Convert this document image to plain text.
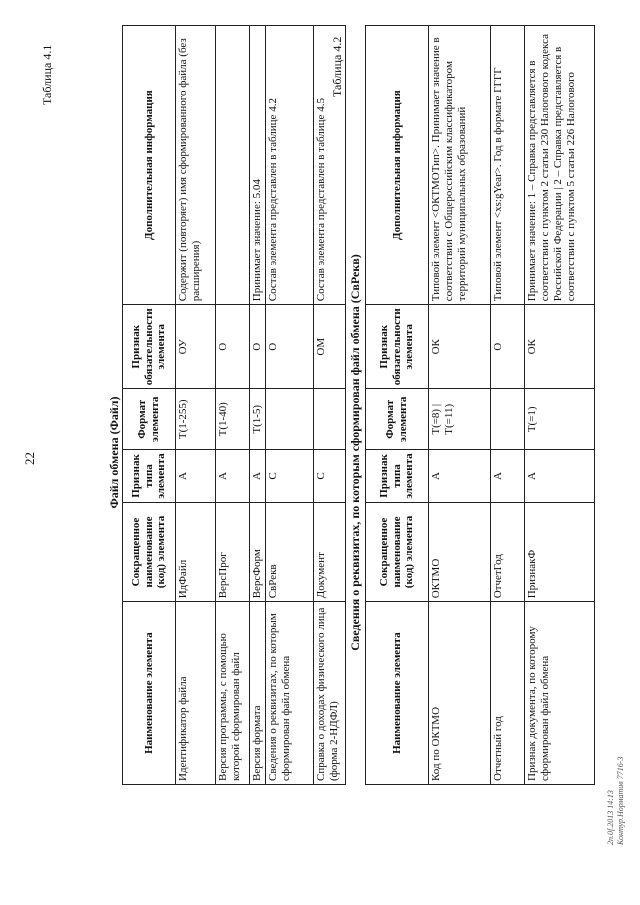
22
Таблица 4.1
Файл обмена (Файл)
Наименование элемента	Сокращенное наименование (код) элемента	Признак типа элемента	Формат элемента	Признак обязательности элемента	Дополнительная информация
Идентификатор файла	ИдФайл	А	T(1-255)	ОУ	Содержит (повторяет) имя сформированного файла (без расширения)
Версия программы, с помощью которой сформирован файл	ВерсПрог	А	T(1-40)	О	
Версия формата	ВерсФорм	А	T(1-5)	О	Принимает значение: 5.04
Сведения о реквизитах, по которым сформирован файл обмена	СвРекв	С		О	Состав элемента представлен в таблице 4.2
Справка о доходах физического лица (форма 2-НДФЛ)	Документ	С		ОМ	Состав элемента представлен в таблице 4.5
Таблица 4.2
Сведения о реквизитах, по которым сформирован файл обмена (СвРекв)
Наименование элемента	Сокращенное наименование (код) элемента	Признак типа элемента	Формат элемента	Признак обязательности элемента	Дополнительная информация
Код по ОКТМО	ОКТМО	А	T(=8) | T(=11)	ОК	Типовой элемент <ОКТМОТип>. Принимает значение в соответствии с Общероссийским классификатором территорий муниципальных образований
Отчетный год	ОтчетГод	А		О	Типовой элемент <xs:gYear>. Год в формате ГГГГ
Признак документа, по которому сформирован файл обмена	ПризнакФ	А	T(=1)	ОК	Принимает значение: 1 – Справка представляется в соответствии с пунктом 2 статьи 230 Налогового кодекса Российской Федерации | 2 – Справка представляется в соответствии с пунктом 5 статьи 226 Налогового
2n.0f.2013 14:13 Контур.Норматив 7716-3
